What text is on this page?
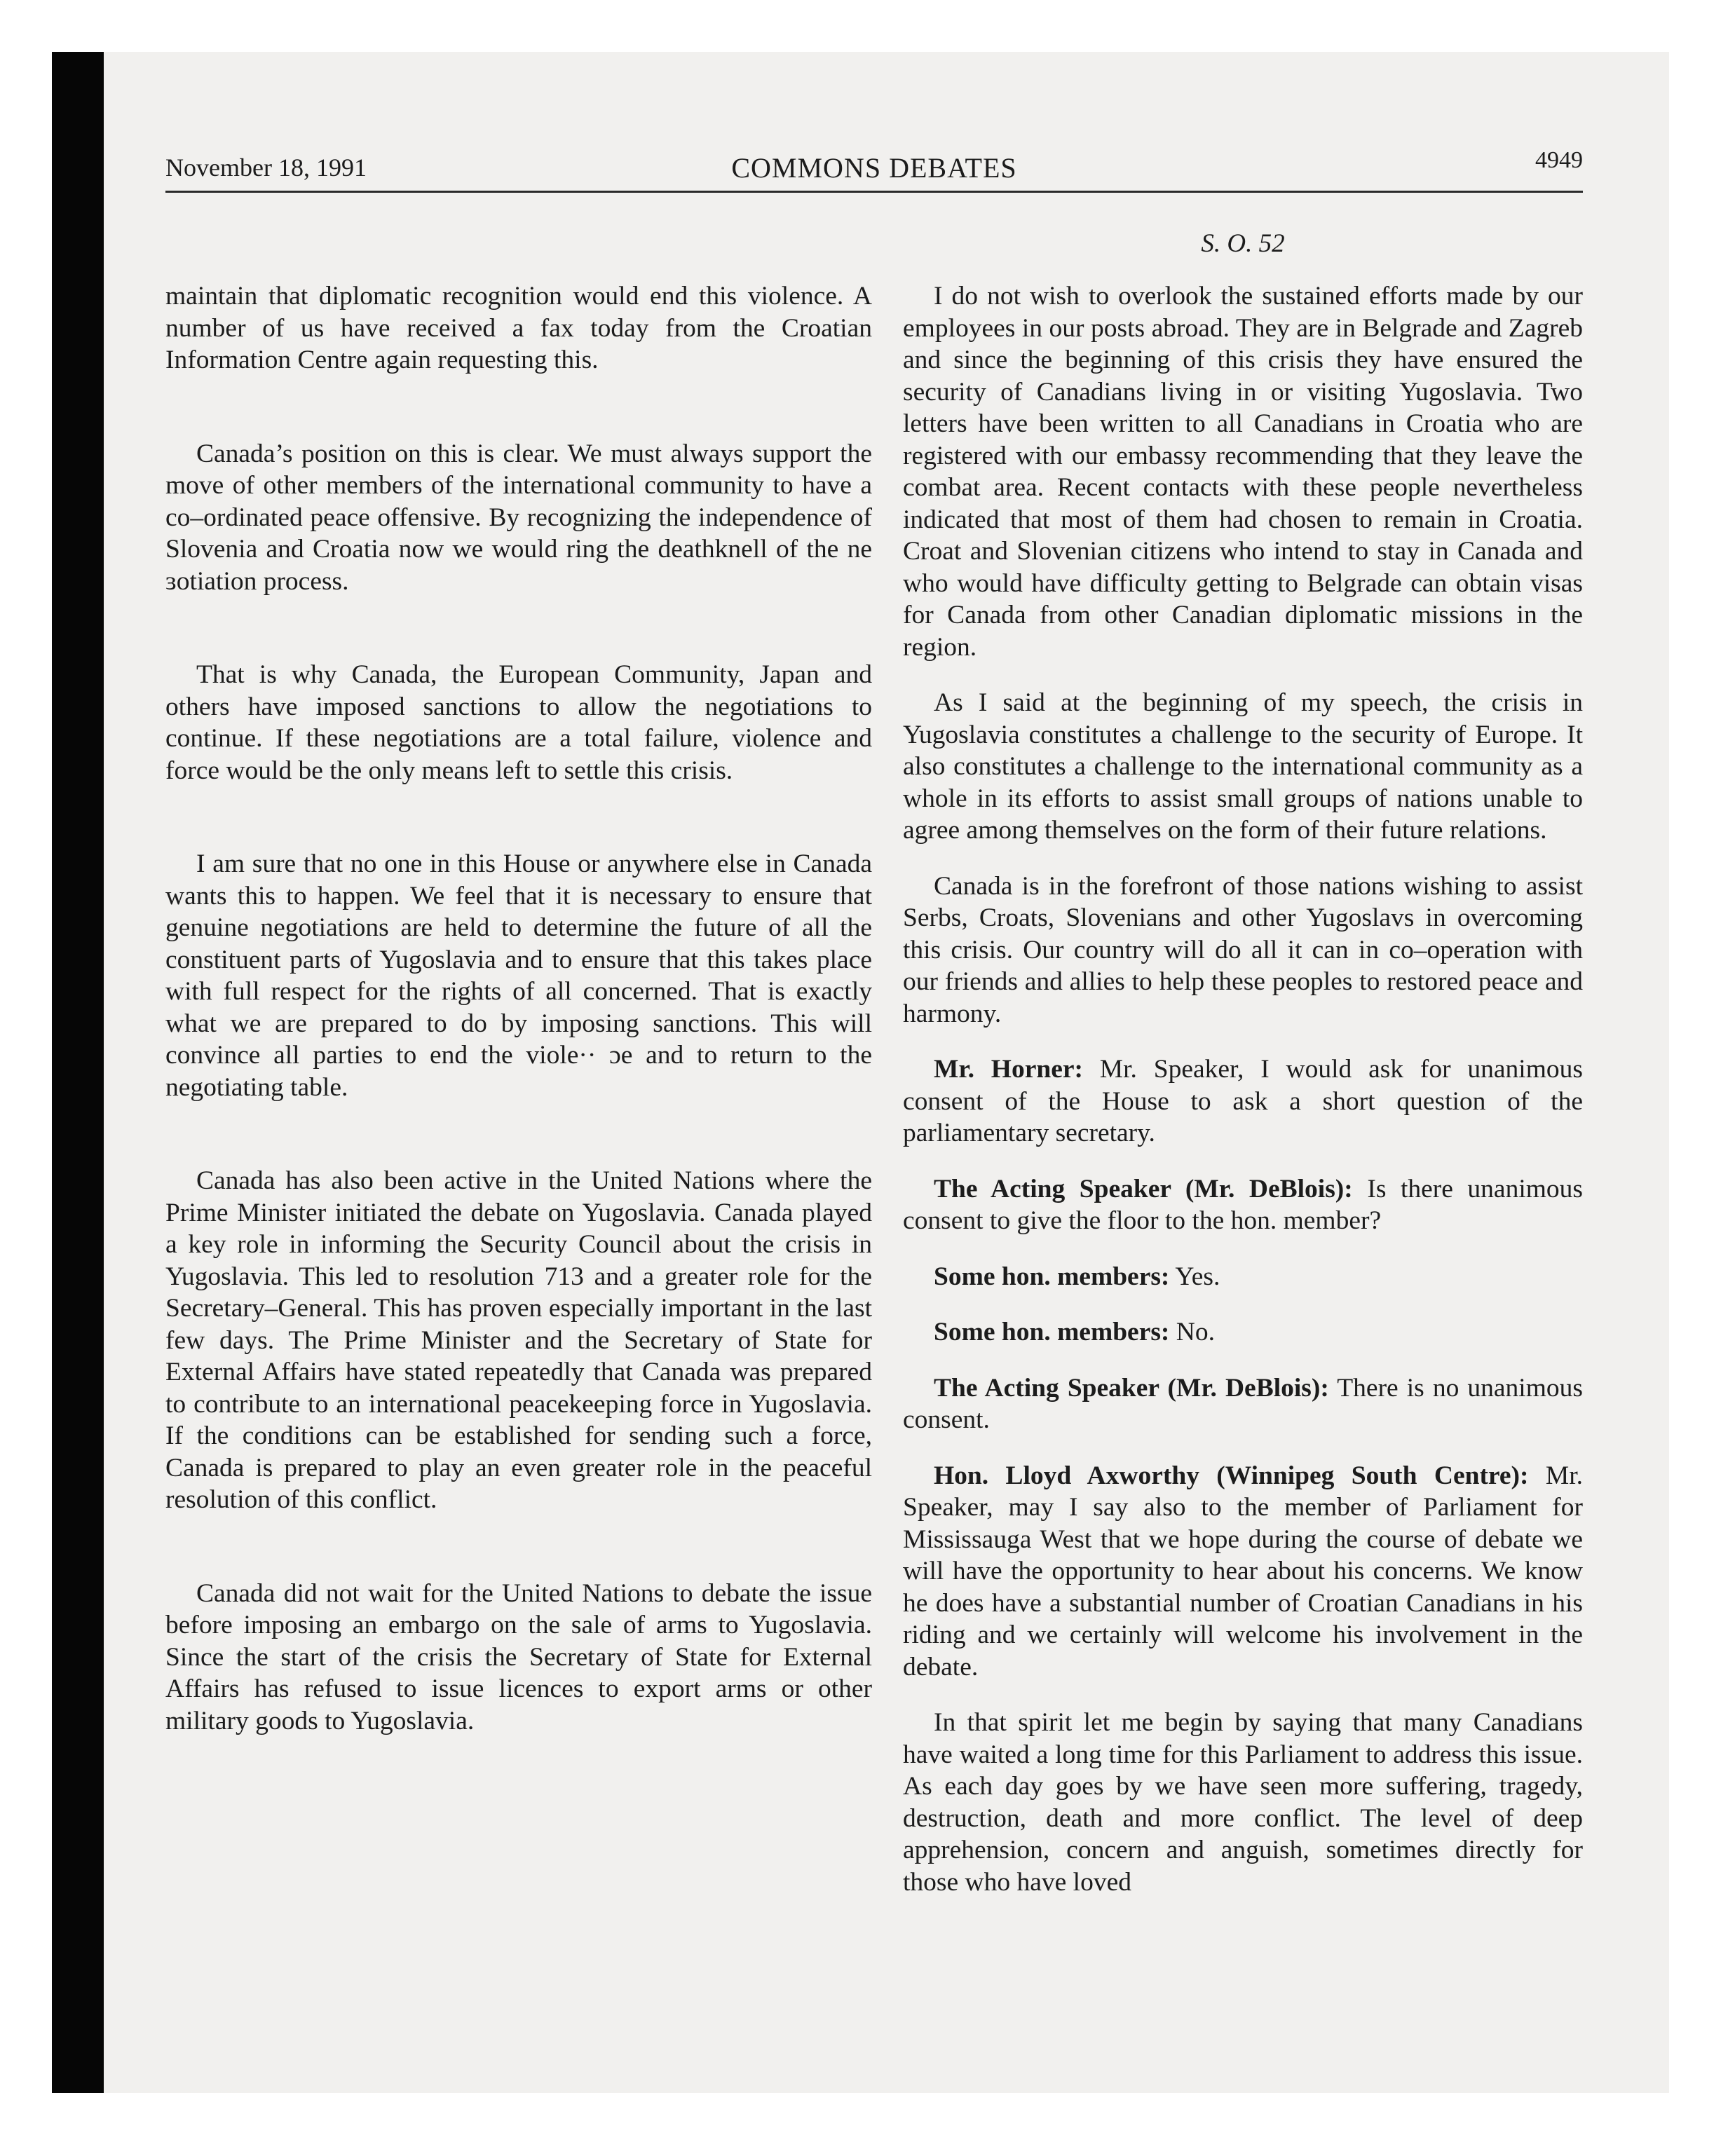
November 18, 1991	COMMONS DEBATES	4949
S. O. 52

maintain that diplomatic recognition would end this violence. A number of us have received a fax today from the Croatian Information Centre again requesting this.

Canada’s position on this is clear. We must always support the move of other members of the international community to have a co–ordinated peace offensive. By recognizing the independence of Slovenia and Croatia now we would ring the deathknell of the ne ɜotiation process.

That is why Canada, the European Community, Japan and others have imposed sanctions to allow the negotiations to continue. If these negotiations are a total failure, violence and force would be the only means left to settle this crisis.

I am sure that no one in this House or anywhere else in Canada wants this to happen. We feel that it is necessary to ensure that genuine negotiations are held to determine the future of all the constituent parts of Yugoslavia and to ensure that this takes place with full respect for the rights of all concerned. That is exactly what we are prepared to do by imposing sanctions. This will convince all parties to end the viole·· ɔe and to return to the negotiating table.

Canada has also been active in the United Nations where the Prime Minister initiated the debate on Yugoslavia. Canada played a key role in informing the Security Council about the crisis in Yugoslavia. This led to resolution 713 and a greater role for the Secretary–General. This has proven especially important in the last few days. The Prime Minister and the Secretary of State for External Affairs have stated repeatedly that Canada was prepared to contribute to an international peacekeeping force in Yugoslavia. If the conditions can be established for sending such a force, Canada is prepared to play an even greater role in the peaceful resolution of this conflict.

Canada did not wait for the United Nations to debate the issue before imposing an embargo on the sale of arms to Yugoslavia. Since the start of the crisis the Secretary of State for External Affairs has refused to issue licences to export arms or other military goods to Yugoslavia.

I do not wish to overlook the sustained efforts made by our employees in our posts abroad. They are in Belgrade and Zagreb and since the beginning of this crisis they have ensured the security of Canadians living in or visiting Yugoslavia. Two letters have been written to all Canadians in Croatia who are registered with our embassy recommending that they leave the combat area. Recent contacts with these people nevertheless indicated that most of them had chosen to remain in Croatia. Croat and Slovenian citizens who intend to stay in Canada and who would have difficulty getting to Belgrade can obtain visas for Canada from other Canadian diplomatic missions in the region.

As I said at the beginning of my speech, the crisis in Yugoslavia constitutes a challenge to the security of Europe. It also constitutes a challenge to the international community as a whole in its efforts to assist small groups of nations unable to agree among themselves on the form of their future relations.

Canada is in the forefront of those nations wishing to assist Serbs, Croats, Slovenians and other Yugoslavs in overcoming this crisis. Our country will do all it can in co–operation with our friends and allies to help these peoples to restored peace and harmony.

Mr. Horner: Mr. Speaker, I would ask for unanimous consent of the House to ask a short question of the parliamentary secretary.

The Acting Speaker (Mr. DeBlois): Is there unanimous consent to give the floor to the hon. member?

Some hon. members: Yes.

Some hon. members: No.

The Acting Speaker (Mr. DeBlois): There is no unanimous consent.

Hon. Lloyd Axworthy (Winnipeg South Centre): Mr. Speaker, may I say also to the member of Parliament for Mississauga West that we hope during the course of debate we will have the opportunity to hear about his concerns. We know he does have a substantial number of Croatian Canadians in his riding and we certainly will welcome his involvement in the debate.

In that spirit let me begin by saying that many Canadians have waited a long time for this Parliament to address this issue. As each day goes by we have seen more suffering, tragedy, destruction, death and more conflict. The level of deep apprehension, concern and anguish, sometimes directly for those who have loved
